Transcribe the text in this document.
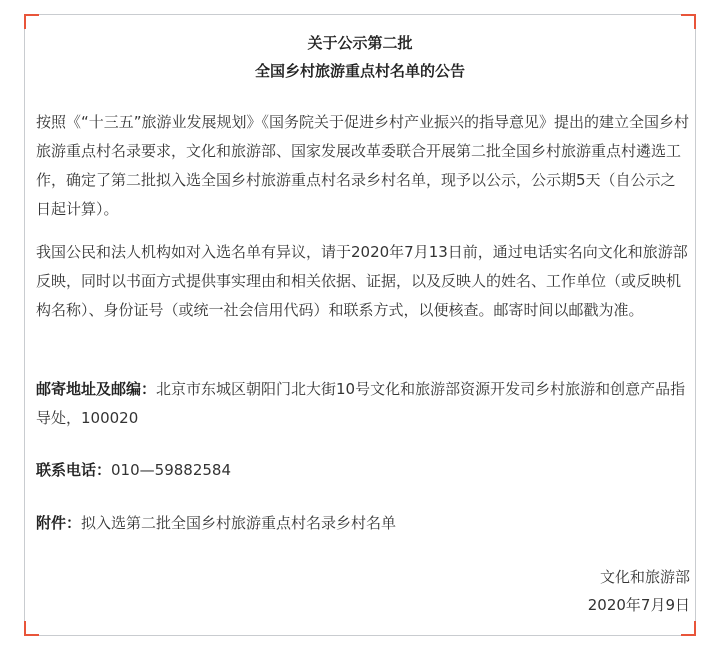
关于公示第二批
全国乡村旅游重点村名单的公告

按照《“十三五”旅游业发展规划》《国务院关于促进乡村产业振兴的指导意见》提出的建立全国乡村旅游重点村名录要求，文化和旅游部、国家发展改革委联合开展第二批全国乡村旅游重点村遴选工作，确定了第二批拟入选全国乡村旅游重点村名录乡村名单，现予以公示，公示期5天（自公示之日起计算）。

我国公民和法人机构如对入选名单有异议，请于2020年7月13日前，通过电话实名向文化和旅游部反映，同时以书面方式提供事实理由和相关依据、证据，以及反映人的姓名、工作单位（或反映机构名称）、身份证号（或统一社会信用代码）和联系方式，以便核查。邮寄时间以邮戳为准。

邮寄地址及邮编：北京市东城区朝阳门北大街10号文化和旅游部资源开发司乡村旅游和创意产品指导处，100020

联系电话：010—59882584

附件：拟入选第二批全国乡村旅游重点村名录乡村名单

文化和旅游部
2020年7月9日
